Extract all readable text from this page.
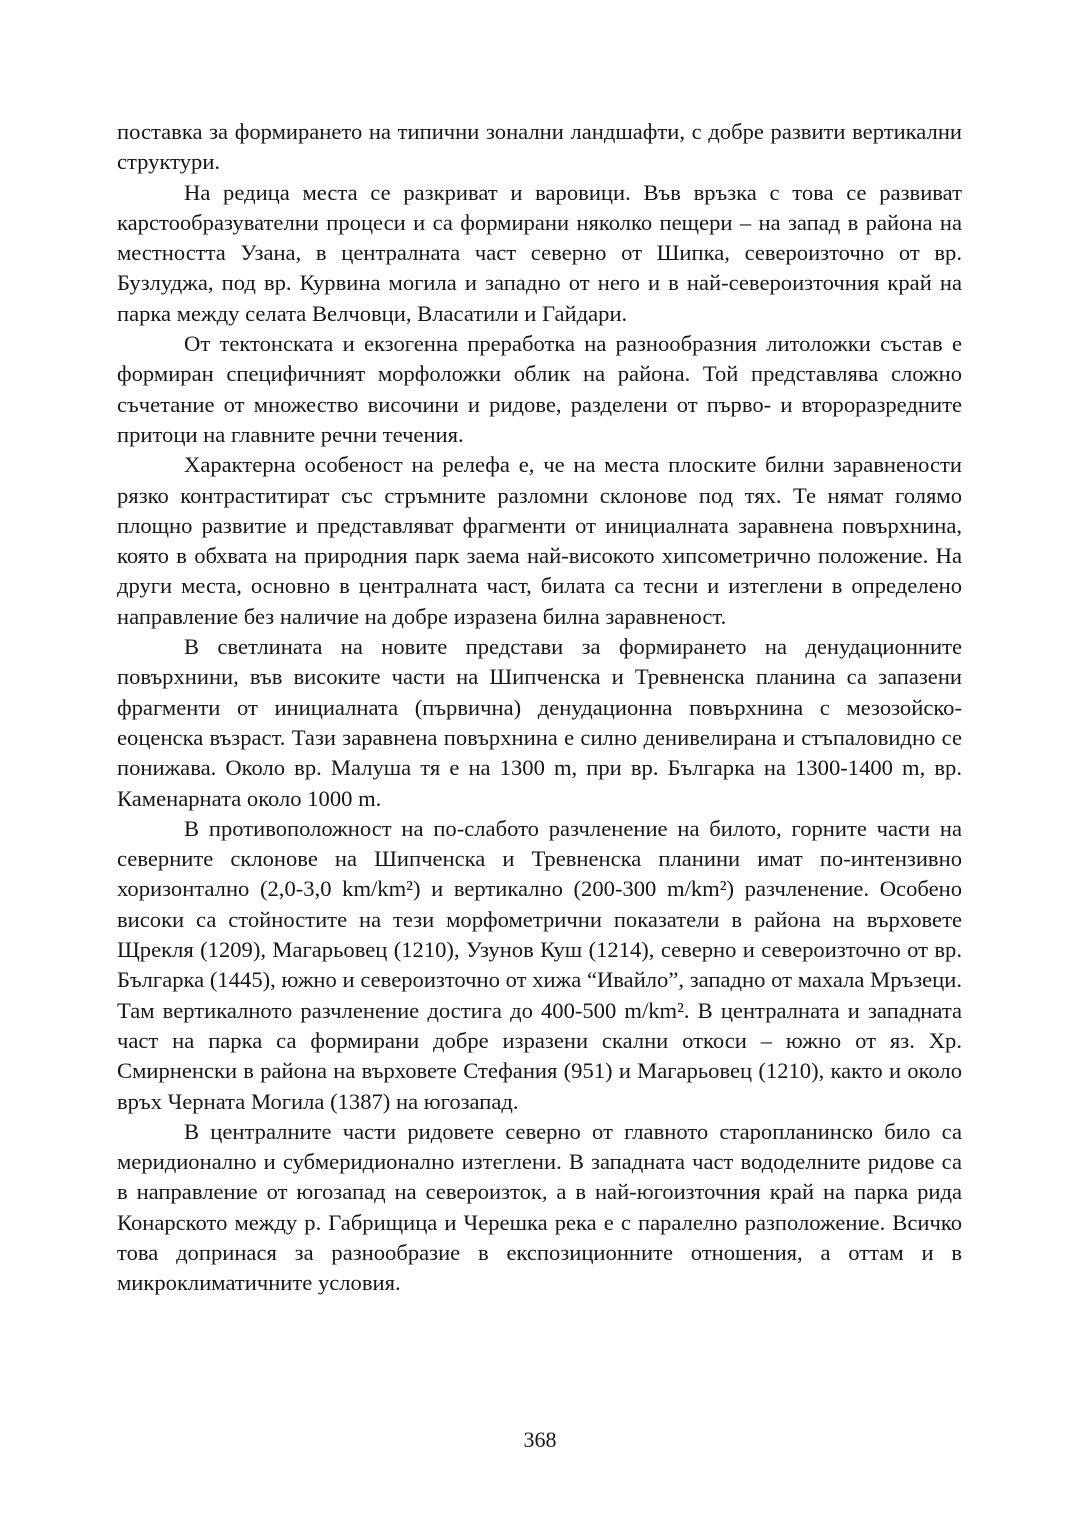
поставка за формирането на типични зонални ландшафти, с добре развити вертикални структури.

На редица места се разкриват и варовици. Във връзка с това се развиват карстообразувателни процеси и са формирани няколко пещери – на запад в района на местността Узана, в централната част северно от Шипка, североизточно от вр. Бузлуджа, под вр. Курвина могила и западно от него и в най-североизточния край на парка между селата Велчовци, Власатили и Гайдари.

От тектонската и екзогенна преработка на разнообразния литоложки състав е формиран специфичният морфоложки облик на района. Той представлява сложно съчетание от множество височини и ридове, разделени от първо- и второразредните притоци на главните речни течения.

Характерна особеност на релефа е, че на места плоските билни заравнености рязко контраститират със стръмните разломни склонове под тях. Те нямат голямо площно развитие и представляват фрагменти от инициалната заравнена повърхнина, която в обхвата на природния парк заема най-високото хипсометрично положение. На други места, основно в централната част, билата са тесни и изтеглени в определено направление без наличие на добре изразена билна заравненост.

В светлината на новите представи за формирането на денудационните повърхнини, във високите части на Шипченска и Тревненска планина са запазени фрагменти от инициалната (първична) денудационна повърхнина с мезозойско-еоценска възраст. Тази заравнена повърхнина е силно денивелирана и стъпаловидно се понижава. Около вр. Малуша тя е на 1300 m, при вр. Българка на 1300-1400 m, вр. Каменарната около 1000 m.

В противоположност на по-слабото разчленение на билото, горните части на северните склонове на Шипченска и Тревненска планини имат по-интензивно хоризонтално (2,0-3,0 km/km²) и вертикално (200-300 m/km²) разчленение. Особено високи са стойностите на тези морфометрични показатели в района на върховете Щрекля (1209), Магарьовец (1210), Узунов Куш (1214), северно и североизточно от вр. Българка (1445), южно и североизточно от хижа “Ивайло”, западно от махала Мръзеци. Там вертикалното разчленение достига до 400-500 m/km². В централната и западната част на парка са формирани добре изразени скални откоси – южно от яз. Хр. Смирненски в района на върховете Стефания (951) и Магарьовец (1210), както и около връх Черната Могила (1387) на югозапад.

В централните части ридовете северно от главното старопланинско било са меридионално и субмеридионално изтеглени. В западната част вододелните ридове са в направление от югозапад на североизток, а в най-югоизточния край на парка рида Конарското между р. Габрищица и Черешка река е с паралелно разположение. Всичко това допринася за разнообразие в експозиционните отношения, а оттам и в микроклиматичните условия.

368
